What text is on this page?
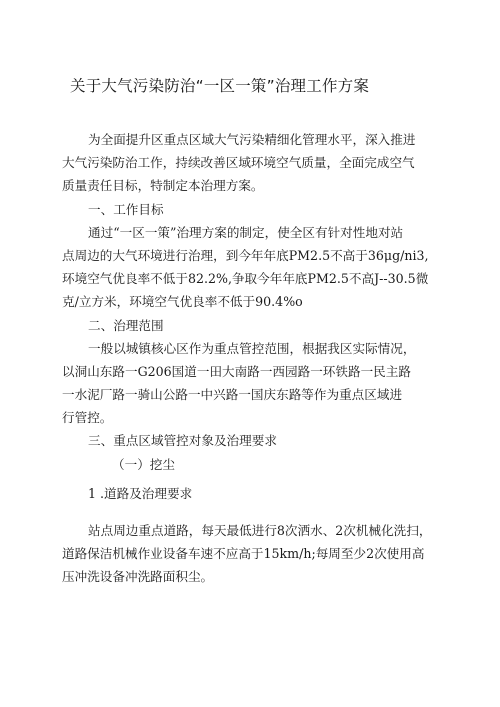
关于大气污染防治“一区一策”治理工作方案
为全面提升区重点区域大气污染精细化管理水平，深入推进
大气污染防治工作，持续改善区域环境空气质量，全面完成空气
质量责任目标，特制定本治理方案。
一、工作目标
通过“一区一策”治理方案的制定，使全区有针对性地对站
点周边的大气环境进行治理，到今年年底PM2.5不高于36μg/ni3,
环境空气优良率不低于82.2%,争取今年年底PM2.5不高J--30.5微
克/立方米，环境空气优良率不低于90.4%o
二、治理范围
一般以城镇核心区作为重点管控范围，根据我区实际情况，
以洞山东路一G206国道一田大南路一西园路一环铁路一民主路
一水泥厂路一骑山公路一中兴路一国庆东路等作为重点区域进
行管控。
三、重点区域管控对象及治理要求
（一）挖尘
1 .道路及治理要求
站点周边重点道路，每天最低进行8次洒水、2次机械化洗扫，
道路保洁机械作业设备车速不应高于15km/h;每周至少2次使用高
压冲洗设备冲洗路面积尘。
